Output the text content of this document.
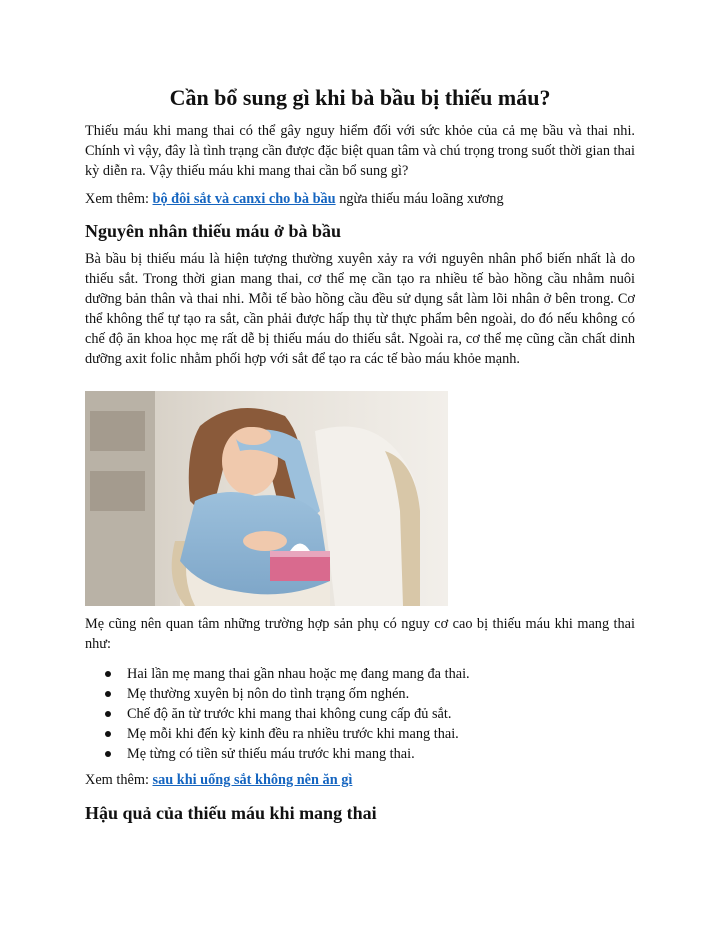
Cần bổ sung gì khi bà bầu bị thiếu máu?

Thiếu máu khi mang thai có thể gây nguy hiểm đối với sức khỏe của cả mẹ bầu và thai nhi. Chính vì vậy, đây là tình trạng cần được đặc biệt quan tâm và chú trọng trong suốt thời gian thai kỳ diễn ra. Vậy thiếu máu khi mang thai cần bổ sung gì?

Xem thêm: bộ đôi sắt và canxi cho bà bầu ngừa thiếu máu loãng xương

Nguyên nhân thiếu máu ở bà bầu

Bà bầu bị thiếu máu là hiện tượng thường xuyên xảy ra với nguyên nhân phổ biến nhất là do thiếu sắt. Trong thời gian mang thai, cơ thể mẹ cần tạo ra nhiều tế bào hồng cầu nhằm nuôi dưỡng bản thân và thai nhi. Mỗi tế bào hồng cầu đều sử dụng sắt làm lõi nhân ở bên trong. Cơ thể không thể tự tạo ra sắt, cần phải được hấp thụ từ thực phẩm bên ngoài, do đó nếu không có chế độ ăn khoa học mẹ rất dễ bị thiếu máu do thiếu sắt. Ngoài ra, cơ thể mẹ cũng cần chất dinh dưỡng axit folic nhằm phối hợp với sắt để tạo ra các tế bào máu khỏe mạnh.

Mẹ cũng nên quan tâm những trường hợp sản phụ có nguy cơ cao bị thiếu máu khi mang thai như:

Hai lần mẹ mang thai gần nhau hoặc mẹ đang mang đa thai.
Mẹ thường xuyên bị nôn do tình trạng ốm nghén.
Chế độ ăn từ trước khi mang thai không cung cấp đủ sắt.
Mẹ mỗi khi đến kỳ kinh đều ra nhiều trước khi mang thai.
Mẹ từng có tiền sử thiếu máu trước khi mang thai.

Xem thêm: sau khi uống sắt không nên ăn gì

Hậu quả của thiếu máu khi mang thai
